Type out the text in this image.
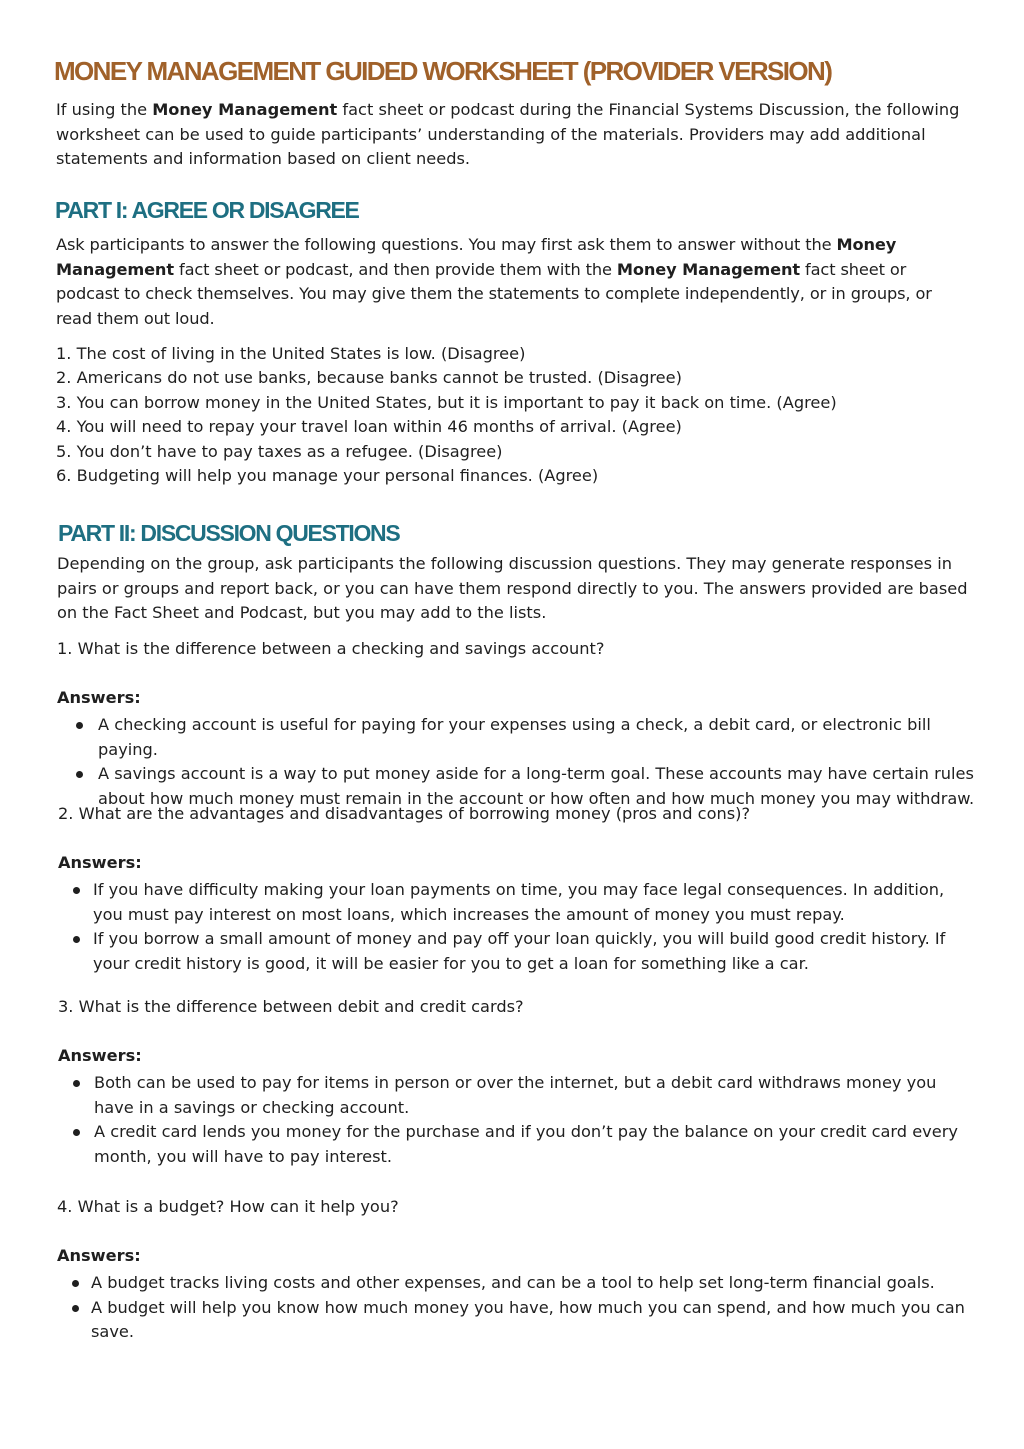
MONEY MANAGEMENT GUIDED WORKSHEET (PROVIDER VERSION)

If using the Money Management fact sheet or podcast during the Financial Systems Discussion, the following worksheet can be used to guide participants’ understanding of the materials. Providers may add additional statements and information based on client needs.

PART I: AGREE OR DISAGREE

Ask participants to answer the following questions. You may first ask them to answer without the Money Management fact sheet or podcast, and then provide them with the Money Management fact sheet or podcast to check themselves. You may give them the statements to complete independently, or in groups, or read them out loud.

1. The cost of living in the United States is low. (Disagree)

2. Americans do not use banks, because banks cannot be trusted. (Disagree)

3. You can borrow money in the United States, but it is important to pay it back on time. (Agree)

4. You will need to repay your travel loan within 46 months of arrival. (Agree)

5. You don’t have to pay taxes as a refugee. (Disagree)

6. Budgeting will help you manage your personal finances. (Agree)

PART II: DISCUSSION QUESTIONS

Depending on the group, ask participants the following discussion questions. They may generate responses in pairs or groups and report back, or you can have them respond directly to you. The answers provided are based on the Fact Sheet and Podcast, but you may add to the lists.

1. What is the difference between a checking and savings account?

Answers:

A checking account is useful for paying for your expenses using a check, a debit card, or electronic bill paying.
A savings account is a way to put money aside for a long-term goal. These accounts may have certain rules about how much money must remain in the account or how often and how much money you may withdraw.

2. What are the advantages and disadvantages of borrowing money (pros and cons)?

Answers:

If you have difficulty making your loan payments on time, you may face legal consequences. In addition, you must pay interest on most loans, which increases the amount of money you must repay.
If you borrow a small amount of money and pay off your loan quickly, you will build good credit history. If your credit history is good, it will be easier for you to get a loan for something like a car.

3. What is the difference between debit and credit cards?

Answers:

Both can be used to pay for items in person or over the internet, but a debit card withdraws money you have in a savings or checking account.
A credit card lends you money for the purchase and if you don’t pay the balance on your credit card every month, you will have to pay interest.

4. What is a budget? How can it help you?

Answers:

A budget tracks living costs and other expenses, and can be a tool to help set long-term financial goals.
A budget will help you know how much money you have, how much you can spend, and how much you can save.
